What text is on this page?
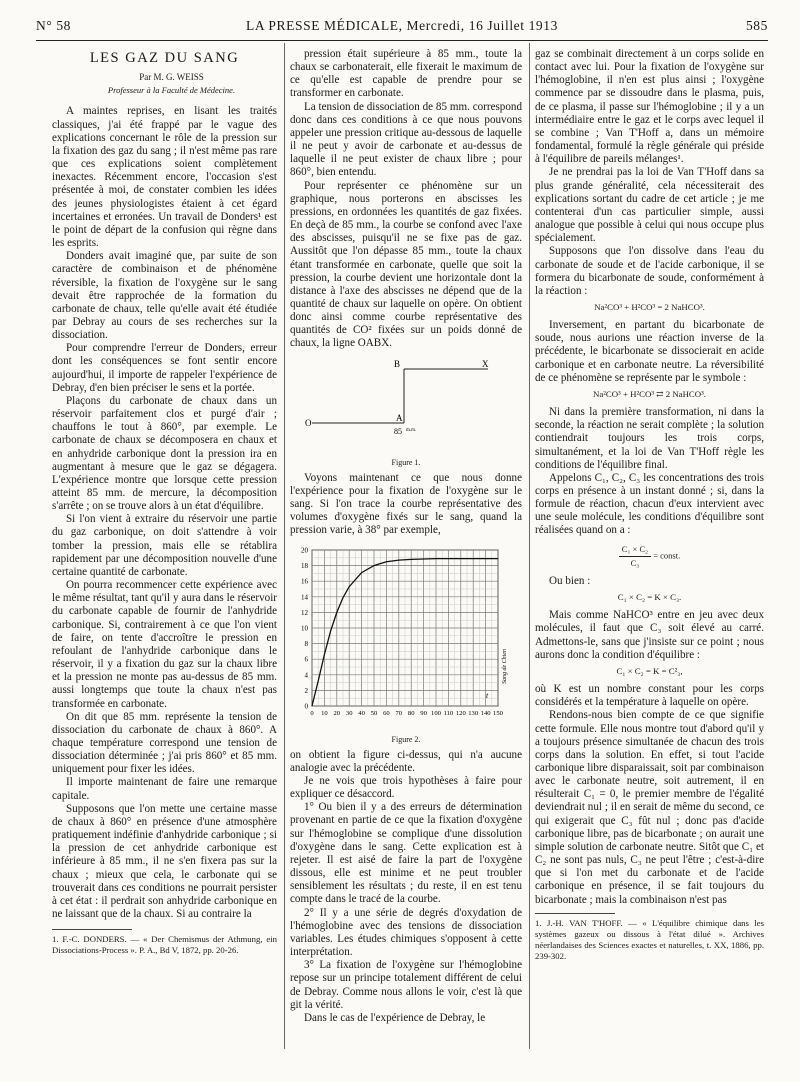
N° 58	LA PRESSE MÉDICALE, Mercredi, 16 Juillet 1913	585
LES GAZ DU SANG

Par M. G. WEISS

Professeur à la Faculté de Médecine.

A maintes reprises, en lisant les traités classiques, j'ai été frappé par le vague des explications concernant le rôle de la pression sur la fixation des gaz du sang ; il n'est même pas rare que ces explications soient complètement inexactes. Récemment encore, l'occasion s'est présentée à moi, de constater combien les idées des jeunes physiologistes étaient à cet égard incertaines et erronées. Un travail de Donders¹ est le point de départ de la confusion qui règne dans les esprits.

Donders avait imaginé que, par suite de son caractère de combinaison et de phénomène réversible, la fixation de l'oxygène sur le sang devait être rapprochée de la formation du carbonate de chaux, telle qu'elle avait été étudiée par Debray au cours de ses recherches sur la dissociation.

Pour comprendre l'erreur de Donders, erreur dont les conséquences se font sentir encore aujourd'hui, il importe de rappeler l'expérience de Debray, d'en bien préciser le sens et la portée.

Plaçons du carbonate de chaux dans un réservoir parfaitement clos et purgé d'air ; chauffons le tout à 860°, par exemple. Le carbonate de chaux se décomposera en chaux et en anhydride carbonique dont la pression ira en augmentant à mesure que le gaz se dégagera. L'expérience montre que lorsque cette pression atteint 85 mm. de mercure, la décomposition s'arrête ; on se trouve alors à un état d'équilibre.

Si l'on vient à extraire du réservoir une partie du gaz carbonique, on doit s'attendre à voir tomber la pression, mais elle se rétablira rapidement par une décomposition nouvelle d'une certaine quantité de carbonate.

On pourra recommencer cette expérience avec le même résultat, tant qu'il y aura dans le réservoir du carbonate capable de fournir de l'anhydride carbonique. Si, contrairement à ce que l'on vient de faire, on tente d'accroître le pression en refoulant de l'anhydride carbonique dans le réservoir, il y a fixation du gaz sur la chaux libre et la pression ne monte pas au-dessus de 85 mm. aussi longtemps que toute la chaux n'est pas transformée en carbonate.

On dit que 85 mm. représente la tension de dissociation du carbonate de chaux à 860°. A chaque température correspond une tension de dissociation déterminée ; j'ai pris 860° et 85 mm. uniquement pour fixer les idées.

Il importe maintenant de faire une remarque capitale.

Supposons que l'on mette une certaine masse de chaux à 860° en présence d'une atmosphère pratiquement indéfinie d'anhydride carbonique ; si la pression de cet anhydride carbonique est inférieure à 85 mm., il ne s'en fixera pas sur la chaux ; mieux que cela, le carbonate qui se trouverait dans ces conditions ne pourrait persister à cet état : il perdrait son anhydride carbonique en ne laissant que de la chaux. Si au contraire la

1. F.-C. DONDERS. — « Der Chemismus der Athmung, ein Dissociations-Process ». P. A., Bd V, 1872, pp. 20-26.

pression était supérieure à 85 mm., toute la chaux se carbonaterait, elle fixerait le maximum de ce qu'elle est capable de prendre pour se transformer en carbonate.

La tension de dissociation de 85 mm. correspond donc dans ces conditions à ce que nous pouvons appeler une pression critique au-dessous de laquelle il ne peut y avoir de carbonate et au-dessus de laquelle il ne peut exister de chaux libre ; pour 860°, bien entendu.

Pour représenter ce phénomène sur un graphique, nous porterons en abscisses les pressions, en ordonnées les quantités de gaz fixées. En deçà de 85 mm., la courbe se confond avec l'axe des abscisses, puisqu'il ne se fixe pas de gaz. Aussitôt que l'on dépasse 85 mm., toute la chaux étant transformée en carbonate, quelle que soit la pression, la courbe devient une horizontale dont la distance à l'axe des abscisses ne dépend que de la quantité de chaux sur laquelle on opère. On obtient donc ainsi comme courbe représentative des quantités de CO² fixées sur un poids donné de chaux, la ligne OABX.

O
B	X
A
85 m.m.
Figure 1.

Voyons maintenant ce que nous donne l'expérience pour la fixation de l'oxygène sur le sang. Si l'on trace la courbe représentative des volumes d'oxygène fixés sur le sang, quand la pression varie, à 38° par exemple,

0
2
4
6
8
10
12
14
16
18
20
0 10 20 30 40 50 60 70 80 90 100 110 120 130 140 150
Sang de Chien
t
Figure 2.

on obtient la figure ci-dessus, qui n'a aucune analogie avec la précédente.

Je ne vois que trois hypothèses à faire pour expliquer ce désaccord.

1° Ou bien il y a des erreurs de détermination provenant en partie de ce que la fixation d'oxygène sur l'hémoglobine se complique d'une dissolution d'oxygène dans le sang. Cette explication est à rejeter. Il est aisé de faire la part de l'oxygène dissous, elle est minime et ne peut troubler sensiblement les résultats ; du reste, il en est tenu compte dans le tracé de la courbe.

2° Il y a une série de degrés d'oxydation de l'hémoglobine avec des tensions de dissociation variables. Les études chimiques s'opposent à cette interprétation.

3° La fixation de l'oxygène sur l'hémoglobine repose sur un principe totalement différent de celui de Debray. Comme nous allons le voir, c'est là que git la vérité.

Dans le cas de l'expérience de Debray, le

gaz se combinait directement à un corps solide en contact avec lui. Pour la fixation de l'oxygène sur l'hémoglobine, il n'en est plus ainsi ; l'oxygène commence par se dissoudre dans le plasma, puis, de ce plasma, il passe sur l'hémoglobine ; il y a un intermédiaire entre le gaz et le corps avec lequel il se combine ; Van T'Hoff a, dans un mémoire fondamental, formulé la règle générale qui préside à l'équilibre de pareils mélanges¹.

Je ne prendrai pas la loi de Van T'Hoff dans sa plus grande généralité, cela nécessiterait des explications sortant du cadre de cet article ; je me contenterai d'un cas particulier simple, aussi analogue que possible à celui qui nous occupe plus spécialement.

Supposons que l'on dissolve dans l'eau du carbonate de soude et de l'acide carbonique, il se formera du bicarbonate de soude, conformément à la réaction :

Na²CO³ + H²CO³ = 2 NaHCO³.

Inversement, en partant du bicarbonate de soude, nous aurions une réaction inverse de la précédente, le bicarbonate se dissocierait en acide carbonique et en carbonate neutre. La réversibilité de ce phénomène se représente par le symbole :

Na²CO³ + H²CO³ ⇄ 2 NaHCO³.

Ni dans la première transformation, ni dans la seconde, la réaction ne serait complète ; la solution contiendrait toujours les trois corps, simultanément, et la loi de Van T'Hoff règle les conditions de l'équilibre final.

Appelons C₁, C₂, C₃ les concentrations des trois corps en présence à un instant donné ; si, dans la formule de réaction, chacun d'eux intervient avec une seule molécule, les conditions d'équilibre sont réalisées quand on a :

$\frac{\text{C₁ × C₂}}{\text{C₃}}$ = const.

Ou bien :

C₁ × C₂ = K × C₃.

Mais comme NaHCO³ entre en jeu avec deux molécules, il faut que C₃ soit élevé au carré. Admettons-le, sans que j'insiste sur ce point ; nous aurons donc la condition d'équilibre :

C₁ × C₂ = K = C²₃,

où K est un nombre constant pour les corps considérés et la température à laquelle on opère.

Rendons-nous bien compte de ce que signifie cette formule. Elle nous montre tout d'abord qu'il y a toujours présence simultanée de chacun des trois corps dans la solution. En effet, si tout l'acide carbonique libre disparaissait, soit par combinaison avec le carbonate neutre, soit autrement, il en résulterait C₁ = 0, le premier membre de l'égalité deviendrait nul ; il en serait de même du second, ce qui exigerait que C₃ fût nul ; donc pas d'acide carbonique libre, pas de bicarbonate ; on aurait une simple solution de carbonate neutre. Sitôt que C₁ et C₂ ne sont pas nuls, C₃ ne peut l'être ; c'est-à-dire que si l'on met du carbonate et de l'acide carbonique en présence, il se fait toujours du bicarbonate ; mais la combinaison n'est pas

1. J.-H. VAN T'HOFF. — « L'équilibre chimique dans les systèmes gazeux ou dissous à l'état dilué ». Archives néerlandaises des Sciences exactes et naturelles, t. XX, 1886, pp. 239-302.
